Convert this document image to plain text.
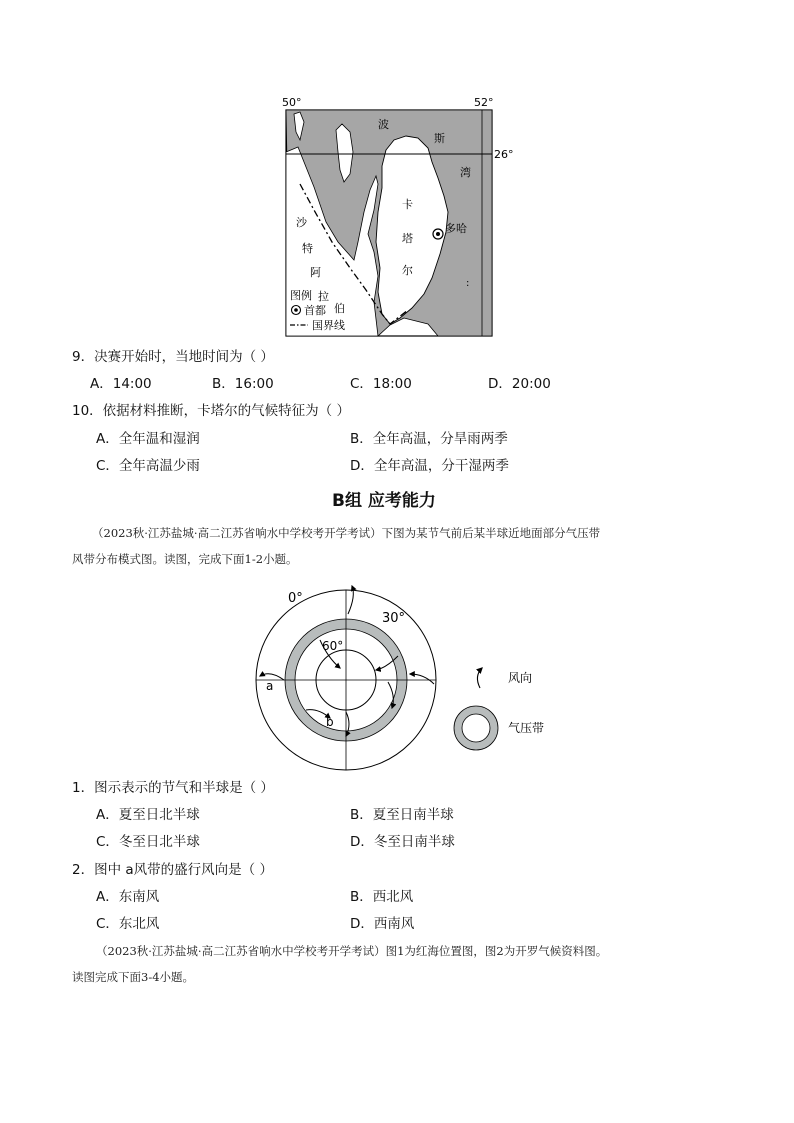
:
50°	52°
26°
波
斯
湾
卡
塔
尔
沙
特
阿
拉
伯
多哈
图例
首都
国界线
9．决赛开始时，当地时间为（ ）
A．14:00	B．16:00	C．18:00	D．20:00
10．依据材料推断，卡塔尔的气候特征为（ ）
A．全年温和湿润	B．全年高温，分旱雨两季
C．全年高温少雨	D．全年高温，分干湿两季
B组 应考能力
（2023秋·江苏盐城·高二江苏省响水中学校考开学考试）下图为某节气前后某半球近地面部分气压带
风带分布模式图。读图，完成下面1-2小题。
0°
30°
60°
a
b
风向
气压带
1．图示表示的节气和半球是（ ）
A．夏至日北半球	B．夏至日南半球
C．冬至日北半球	D．冬至日南半球
2．图中 a风带的盛行风向是（ ）
A．东南风	B．西北风
C．东北风	D．西南风
（2023秋·江苏盐城·高二江苏省响水中学校考开学考试）图1为红海位置图，图2为开罗气候资料图。
读图完成下面3-4小题。
